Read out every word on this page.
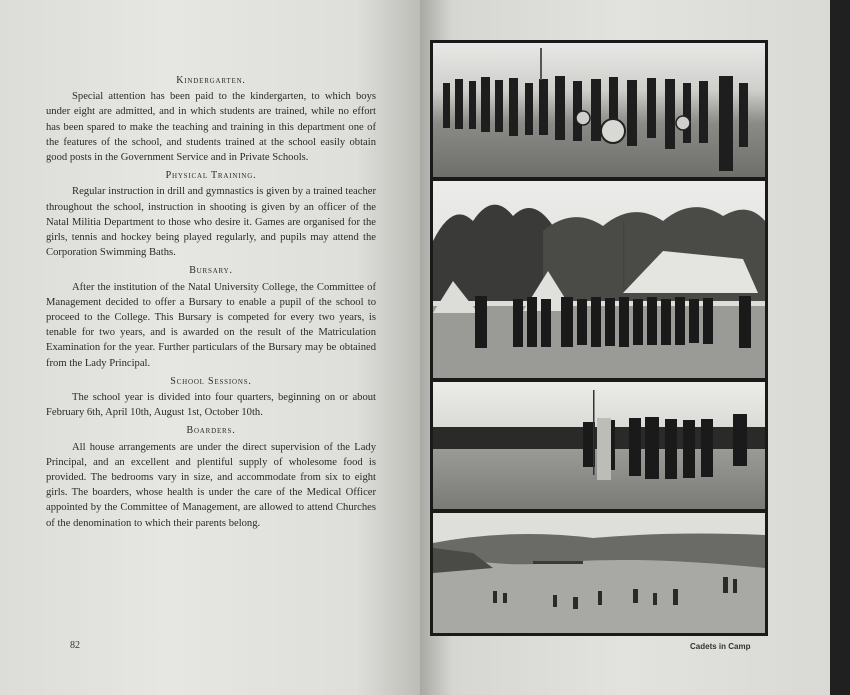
Kindergarten.

Special attention has been paid to the kindergarten, to which boys under eight are admitted, and in which students are trained, while no effort has been spared to make the teaching and training in this department one of the features of the school, and students trained at the school easily obtain good posts in the Government Service and in Private Schools.

Physical Training.

Regular instruction in drill and gymnastics is given by a trained teacher throughout the school, instruction in shooting is given by an officer of the Natal Militia Department to those who desire it. Games are organised for the girls, tennis and hockey being played regularly, and pupils may attend the Corporation Swimming Baths.

Bursary.

After the institution of the Natal University College, the Committee of Management decided to offer a Bursary to enable a pupil of the school to proceed to the College. This Bursary is competed for every two years, is tenable for two years, and is awarded on the result of the Matriculation Examination for the year. Further particulars of the Bursary may be obtained from the Lady Principal.

School Sessions.

The school year is divided into four quarters, beginning on or about February 6th, April 10th, August 1st, October 10th.

Boarders.

All house arrangements are under the direct supervision of the Lady Principal, and an excellent and plentiful supply of wholesome food is provided. The bedrooms vary in size, and accommodate from six to eight girls. The boarders, whose health is under the care of the Medical Officer appointed by the Committee of Management, are allowed to attend Churches of the denomination to which their parents belong.

82	Cadets in Camp
